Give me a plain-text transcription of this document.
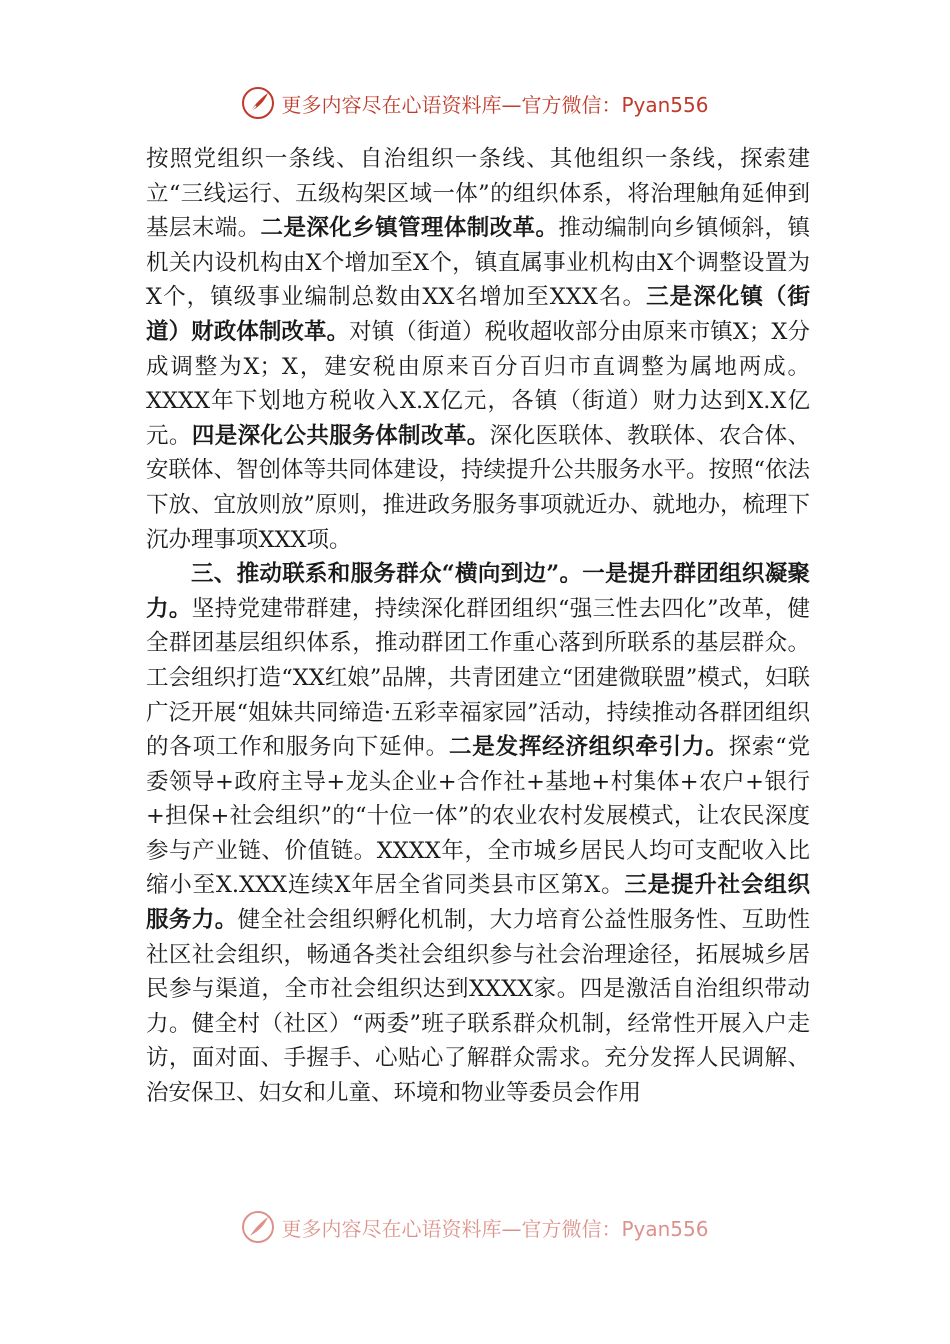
更多内容尽在心语资料库—官方微信：Pyan556

按照党组织一条线、自治组织一条线、其他组织一条线，探索建立“三线运行、五级构架区域一体”的组织体系，将治理触角延伸到基层末端。二是深化乡镇管理体制改革。推动编制向乡镇倾斜，镇机关内设机构由X个增加至X个，镇直属事业机构由X个调整设置为X个，镇级事业编制总数由XX名增加至XXX名。三是深化镇（街道）财政体制改革。对镇（街道）税收超收部分由原来市镇X；X分成调整为X；X，建安税由原来百分百归市直调整为属地两成。XXXX年下划地方税收入X.X亿元，各镇（街道）财力达到X.X亿元。四是深化公共服务体制改革。深化医联体、教联体、农合体、安联体、智创体等共同体建设，持续提升公共服务水平。按照“依法下放、宜放则放”原则，推进政务服务事项就近办、就地办，梳理下沉办理事项XXX项。

三、推动联系和服务群众“横向到边”。一是提升群团组织凝聚力。坚持党建带群建，持续深化群团组织“强三性去四化”改革，健全群团基层组织体系，推动群团工作重心落到所联系的基层群众。工会组织打造“XX红娘”品牌，共青团建立“团建微联盟”模式，妇联广泛开展“姐妹共同缔造·五彩幸福家园”活动，持续推动各群团组织的各项工作和服务向下延伸。二是发挥经济组织牵引力。探索“党委领导+政府主导+龙头企业+合作社+基地+村集体+农户+银行+担保+社会组织”的“十位一体”的农业农村发展模式，让农民深度参与产业链、价值链。XXXX年，全市城乡居民人均可支配收入比缩小至X.XXX连续X年居全省同类县市区第X。三是提升社会组织服务力。健全社会组织孵化机制，大力培育公益性服务性、互助性社区社会组织，畅通各类社会组织参与社会治理途径，拓展城乡居民参与渠道，全市社会组织达到XXXX家。四是激活自治组织带动力。健全村（社区）“两委”班子联系群众机制，经常性开展入户走访，面对面、手握手、心贴心了解群众需求。充分发挥人民调解、治安保卫、妇女和儿童、环境和物业等委员会作用

更多内容尽在心语资料库—官方微信：Pyan556
